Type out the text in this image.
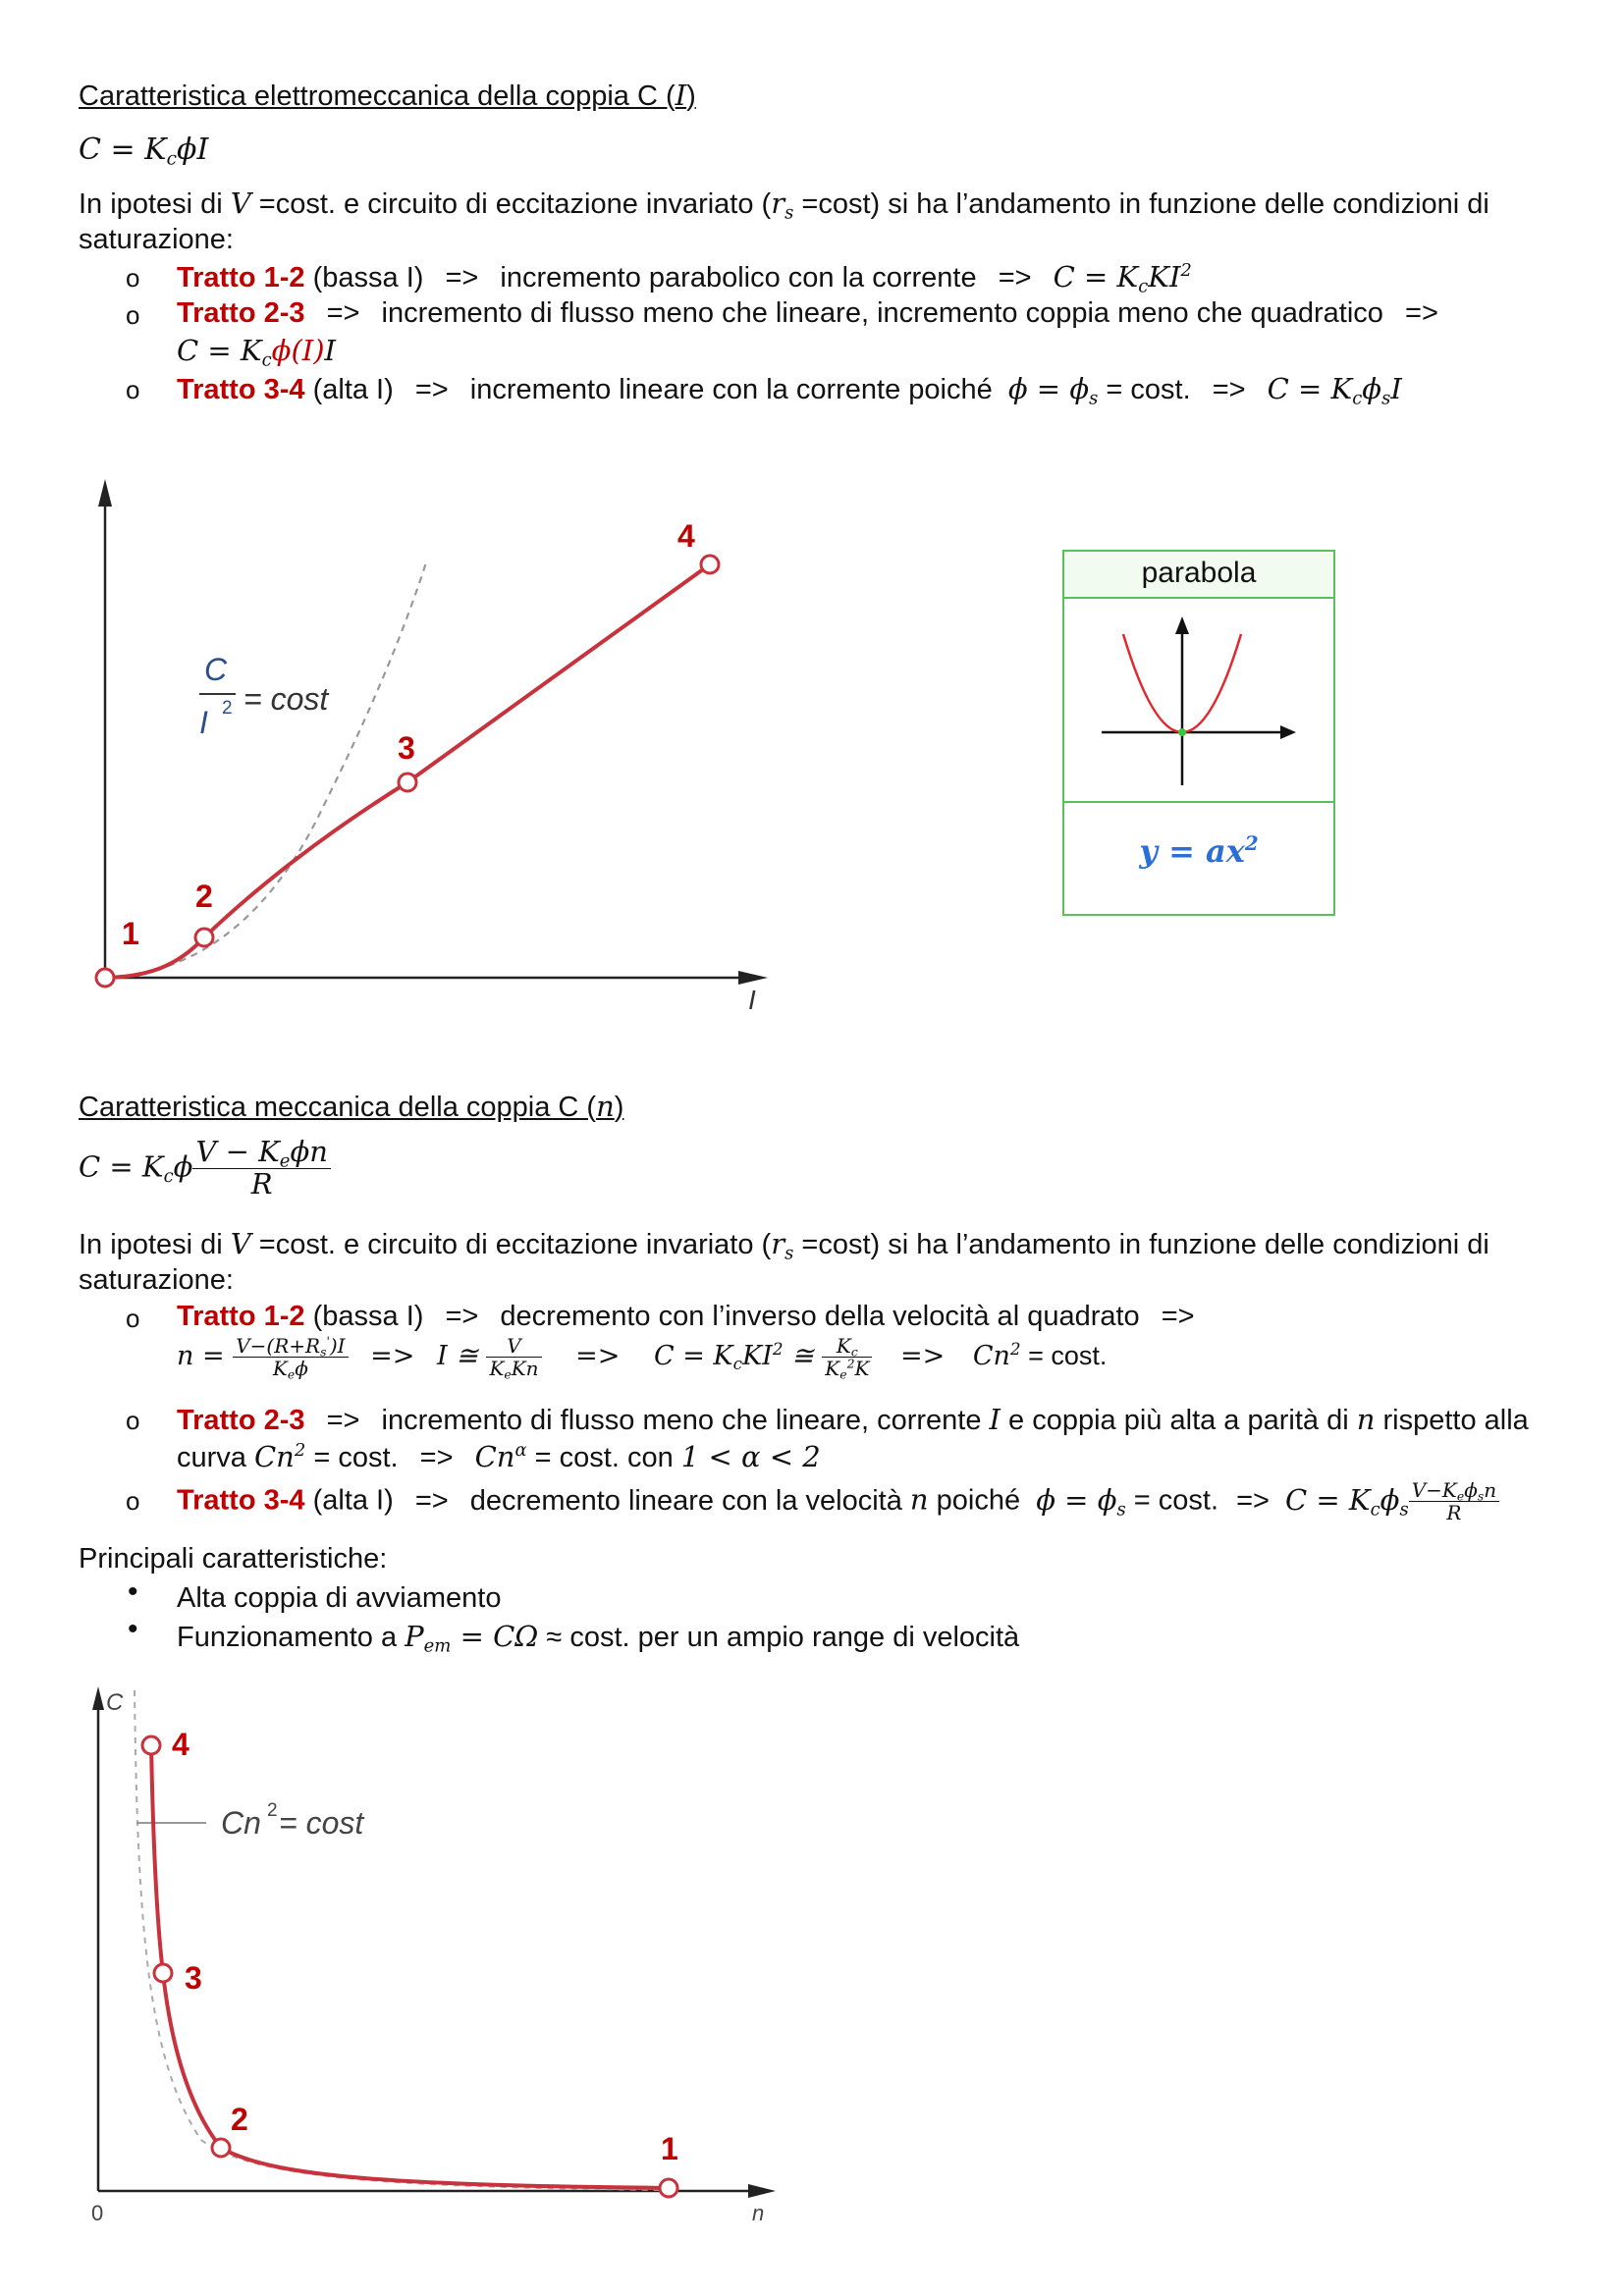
Caratteristica elettromeccanica della coppia C (I)
$C = K_c\phi I$
In ipotesi di V =cost. e circuito di eccitazione invariato $(r_s =\cos t)$ si ha l’andamento in funzione delle condizioni di
saturazione:
o Tratto 1-2 (bassa I) => incremento parabolico con la corrente => $C = K_cKI^2$
o Tratto 2-3 => incremento di flusso meno che lineare, incremento coppia meno che quadratico =>
$C = K_c\phi(I)I$
o Tratto 3-4 (alta I) => incremento lineare con la corrente poiché $\phi = \phi_s = \cos t$. => $C = K_c\phi_sI$
1
2
3
4
I
C
I 2 = cost
parabola
$y = ax^2$
Caratteristica meccanica della coppia C (n)
$C = K_c\phi \frac{V - K_e\phi n}{R}$
In ipotesi di V =cost. e circuito di eccitazione invariato $(r_s =\cos t)$ si ha l’andamento in funzione delle condizioni di
saturazione:
o Tratto 1-2 (bassa I) => decremento con l’inverso della velocità al quadrato =>
$n = \frac{V-(R+R_s')I}{K_e\phi} => I$ ≅ $\frac{V}{K_eKn} => C = K_cKI^2$ ≅ $\frac{K_c}{K_e^2K} => Cn^2 = \cos t$.
o Tratto 2-3 => incremento di flusso meno che lineare, corrente I e coppia più alta a parità di n rispetto alla
curva $Cn^2 = \cos t$. => $Cn^\alpha = \cos t$. con 1 < α < 2
o Tratto 3-4 (alta I) => decremento lineare con la velocità n poiché $\phi = \phi_s = \cos t$. => $C = K_c\phi_s \frac{V-K_e\phi_sn}{R}$
Principali caratteristiche:
• Alta coppia di avviamento
• Funzionamento a $P_{em} = C\Omega \approx \cos t$. per un ampio range di velocità
C
n
0
1
2
3
4
Cn 2 = cost
